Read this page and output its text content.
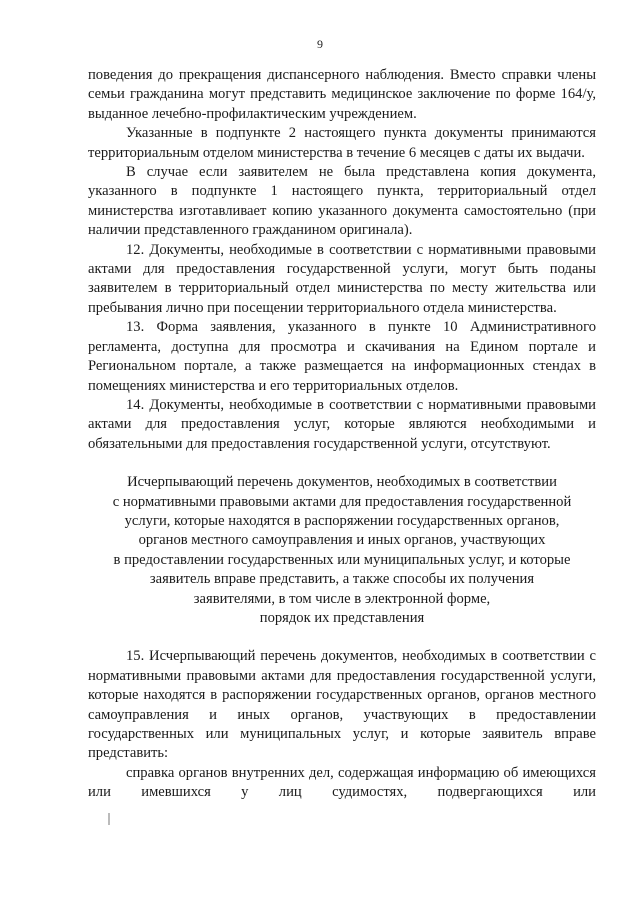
9

поведения до прекращения диспансерного наблюдения. Вместо справки члены семьи гражданина могут представить медицинское заключение по форме 164/у, выданное лечебно-профилактическим учреждением.

Указанные в подпункте 2 настоящего пункта документы принимаются территориальным отделом министерства в течение 6 месяцев с даты их выдачи.

В случае если заявителем не была представлена копия документа, указанного в подпункте 1 настоящего пункта, территориальный отдел министерства изготавливает копию указанного документа самостоятельно (при наличии представленного гражданином оригинала).

12. Документы, необходимые в соответствии с нормативными правовыми актами для предоставления государственной услуги, могут быть поданы заявителем в территориальный отдел министерства по месту жительства или пребывания лично при посещении территориального отдела министерства.

13. Форма заявления, указанного в пункте 10 Административного регламента, доступна для просмотра и скачивания на Едином портале и Региональном портале, а также размещается на информационных стендах в помещениях министерства и его территориальных отделов.

14. Документы, необходимые в соответствии с нормативными правовыми актами для предоставления услуг, которые являются необходимыми и обязательными для предоставления государственной услуги, отсутствуют.

Исчерпывающий перечень документов, необходимых в соответствии
с нормативными правовыми актами для предоставления государственной
услуги, которые находятся в распоряжении государственных органов,
органов местного самоуправления и иных органов, участвующих
в предоставлении государственных или муниципальных услуг, и которые
заявитель вправе представить, а также способы их получения
заявителями, в том числе в электронной форме,
порядок их представления

15. Исчерпывающий перечень документов, необходимых в соответствии с нормативными правовыми актами для предоставления государственной услуги, которые находятся в распоряжении государственных органов, органов местного самоуправления и иных органов, участвующих в предоставлении государственных или муниципальных услуг, и которые заявитель вправе представить:

справка органов внутренних дел, содержащая информацию об имеющихся или имевшихся у лиц судимостях, подвергающихся или
